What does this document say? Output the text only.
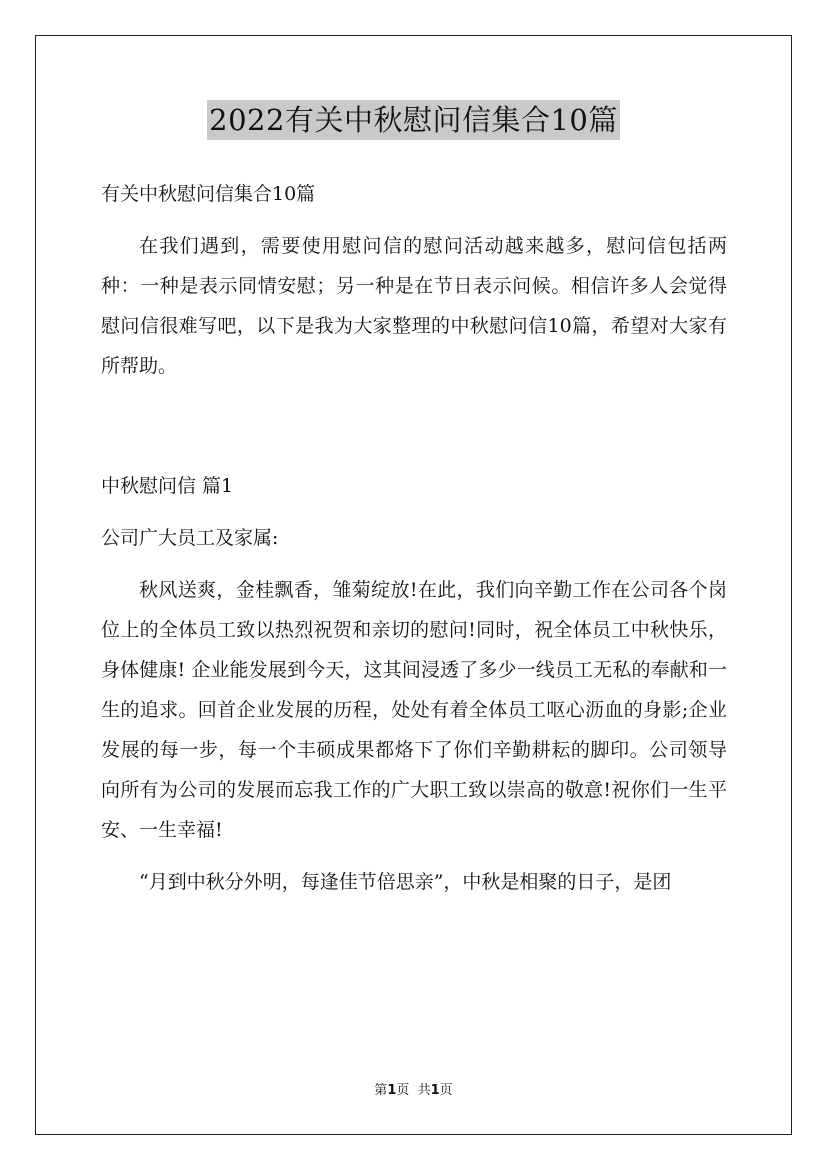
2022有关中秋慰问信集合10篇

有关中秋慰问信集合10篇

在我们遇到，需要使用慰问信的慰问活动越来越多，慰问信包括两种：一种是表示同情安慰；另一种是在节日表示问候。相信许多人会觉得慰问信很难写吧，以下是我为大家整理的中秋慰问信10篇，希望对大家有所帮助。

中秋慰问信 篇1

公司广大员工及家属:

秋风送爽，金桂飘香，雏菊绽放!在此，我们向辛勤工作在公司各个岗位上的全体员工致以热烈祝贺和亲切的慰问!同时，祝全体员工中秋快乐，身体健康! 企业能发展到今天，这其间浸透了多少一线员工无私的奉献和一生的追求。回首企业发展的历程，处处有着全体员工呕心沥血的身影;企业发展的每一步，每一个丰硕成果都烙下了你们辛勤耕耘的脚印。公司领导向所有为公司的发展而忘我工作的广大职工致以崇高的敬意!祝你们一生平安、一生幸福!

“月到中秋分外明，每逢佳节倍思亲”，中秋是相聚的日子，是团

第1页  共1页
